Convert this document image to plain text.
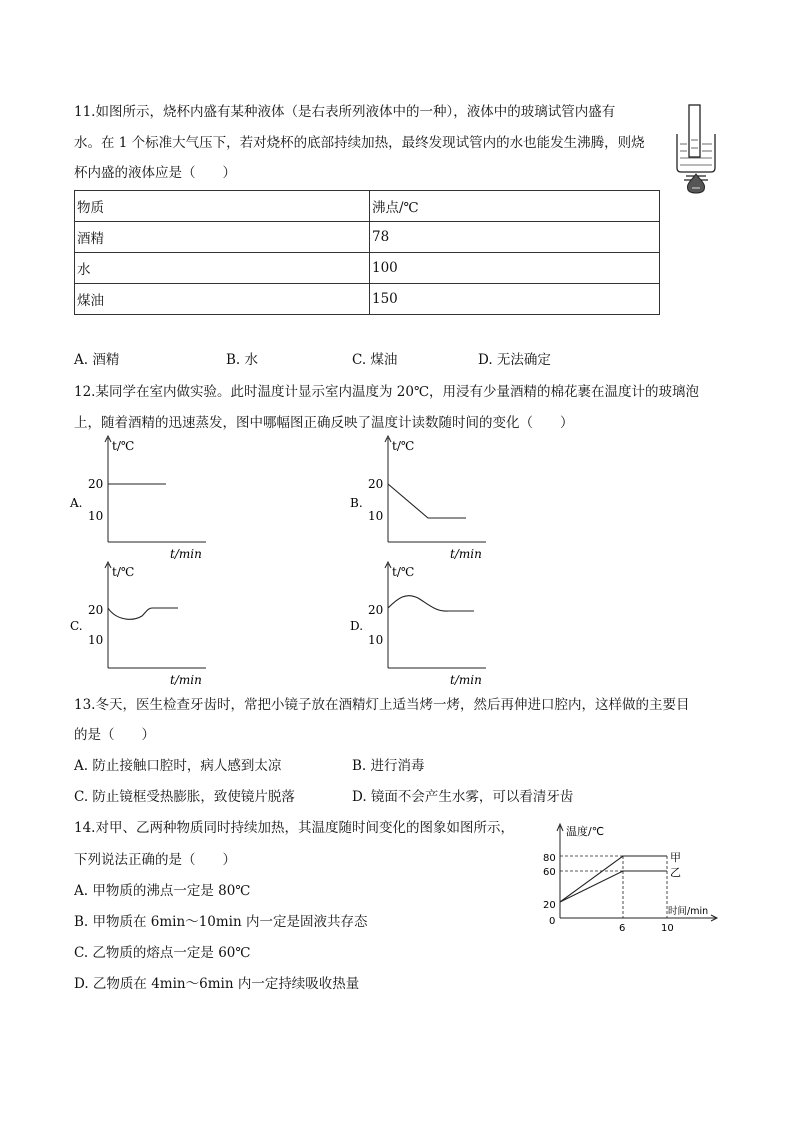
11.如图所示，烧杯内盛有某种液体（是右表所列液体中的一种），液体中的玻璃试管内盛有
水。在 1 个标准大气压下，若对烧杯的底部持续加热，最终发现试管内的水也能发生沸腾，则烧
杯内盛的液体应是（　　）
物质	沸点/℃
酒精	78
水	100
煤油	150
A. 酒精	B. 水	C. 煤油	D. 无法确定
12.某同学在室内做实验。此时温度计显示室内温度为 20℃，用浸有少量酒精的棉花裹在温度计的玻璃泡
上，随着酒精的迅速蒸发，图中哪幅图正确反映了温度计读数随时间的变化（　　）
A.
t/℃
t/min
20
10
B.
t/℃
t/min
20
10
C.
t/℃
t/min
20
10
D.
t/℃
t/min
20
10
13.冬天，医生检查牙齿时，常把小镜子放在酒精灯上适当烤一烤，然后再伸进口腔内，这样做的主要目
的是（　　）
A. 防止接触口腔时，病人感到太凉	B. 进行消毒
C. 防止镜框受热膨胀，致使镜片脱落	D. 镜面不会产生水雾，可以看清牙齿
14.对甲、乙两种物质同时持续加热，其温度随时间变化的图象如图所示，
下列说法正确的是（　　）
A. 甲物质的沸点一定是 80℃
B. 甲物质在 6min～10min 内一定是固液共存态
C. 乙物质的熔点一定是 60℃
D. 乙物质在 4min～6min 内一定持续吸收热量
温度/℃
时间/min
80
60
20
0
6	10
甲
乙
